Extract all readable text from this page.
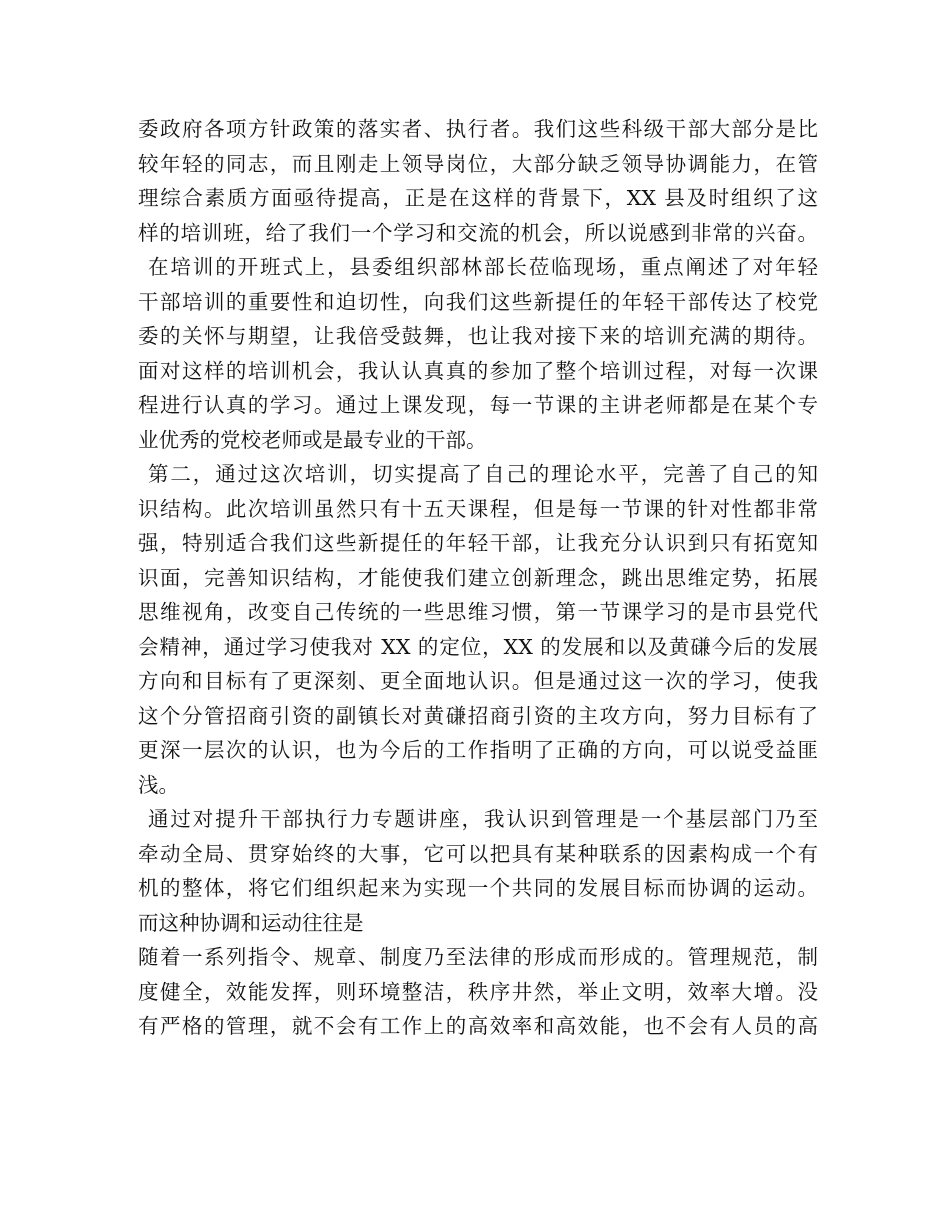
委政府各项方针政策的落实者、执行者。我们这些科级干部大部分是比

较年轻的同志，而且刚走上领导岗位，大部分缺乏领导协调能力，在管

理综合素质方面亟待提高，正是在这样的背景下，XX 县及时组织了这

样的培训班，给了我们一个学习和交流的机会，所以说感到非常的兴奋。

在培训的开班式上，县委组织部林部长莅临现场，重点阐述了对年轻

干部培训的重要性和迫切性，向我们这些新提任的年轻干部传达了校党

委的关怀与期望，让我倍受鼓舞，也让我对接下来的培训充满的期待。

面对这样的培训机会，我认认真真的参加了整个培训过程，对每一次课

程进行认真的学习。通过上课发现，每一节课的主讲老师都是在某个专

业优秀的党校老师或是最专业的干部。

第二，通过这次培训，切实提高了自己的理论水平，完善了自己的知

识结构。此次培训虽然只有十五天课程，但是每一节课的针对性都非常

强，特别适合我们这些新提任的年轻干部，让我充分认识到只有拓宽知

识面，完善知识结构，才能使我们建立创新理念，跳出思维定势，拓展

思维视角，改变自己传统的一些思维习惯，第一节课学习的是市县党代

会精神，通过学习使我对 XX 的定位，XX 的发展和以及黄磏今后的发展

方向和目标有了更深刻、更全面地认识。但是通过这一次的学习，使我

这个分管招商引资的副镇长对黄磏招商引资的主攻方向，努力目标有了

更深一层次的认识，也为今后的工作指明了正确的方向，可以说受益匪

浅。

通过对提升干部执行力专题讲座，我认识到管理是一个基层部门乃至

牵动全局、贯穿始终的大事，它可以把具有某种联系的因素构成一个有

机的整体，将它们组织起来为实现一个共同的发展目标而协调的运动。

而这种协调和运动往往是

随着一系列指令、规章、制度乃至法律的形成而形成的。管理规范，制

度健全，效能发挥，则环境整洁，秩序井然，举止文明，效率大增。没

有严格的管理，就不会有工作上的高效率和高效能，也不会有人员的高
